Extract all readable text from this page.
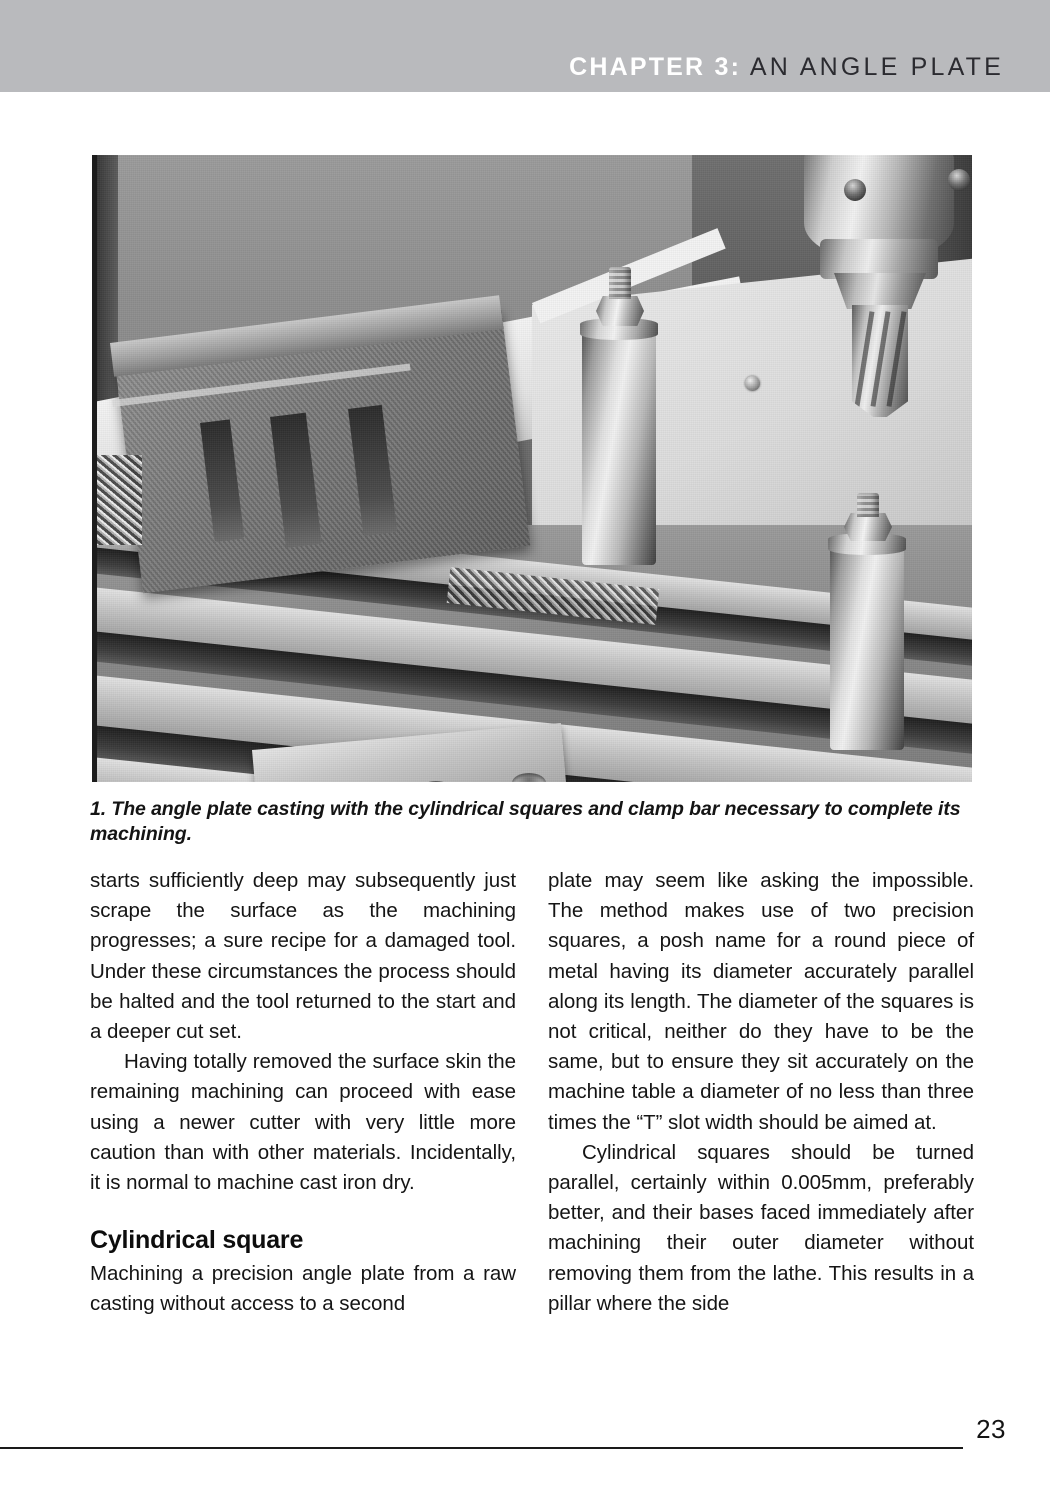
CHAPTER 3: AN ANGLE PLATE
1. The angle plate casting with the cylindrical squares and clamp bar necessary to complete its machining.

starts sufficiently deep may subsequently just scrape the surface as the machining progresses; a sure recipe for a damaged tool. Under these circumstances the process should be halted and the tool returned to the start and a deeper cut set.

Having totally removed the surface skin the remaining machining can proceed with ease using a newer cutter with very little more caution than with other materials. Incidentally, it is normal to machine cast iron dry.

Cylindrical square

Machining a precision angle plate from a raw casting without access to a second

plate may seem like asking the impossible. The method makes use of two precision squares, a posh name for a round piece of metal having its diameter accurately parallel along its length. The diameter of the squares is not critical, neither do they have to be the same, but to ensure they sit accurately on the machine table a diameter of no less than three times the “T” slot width should be aimed at.

Cylindrical squares should be turned parallel, certainly within 0.005mm, preferably better, and their bases faced immediately after machining their outer diameter without removing them from the lathe. This results in a pillar where the side

23
